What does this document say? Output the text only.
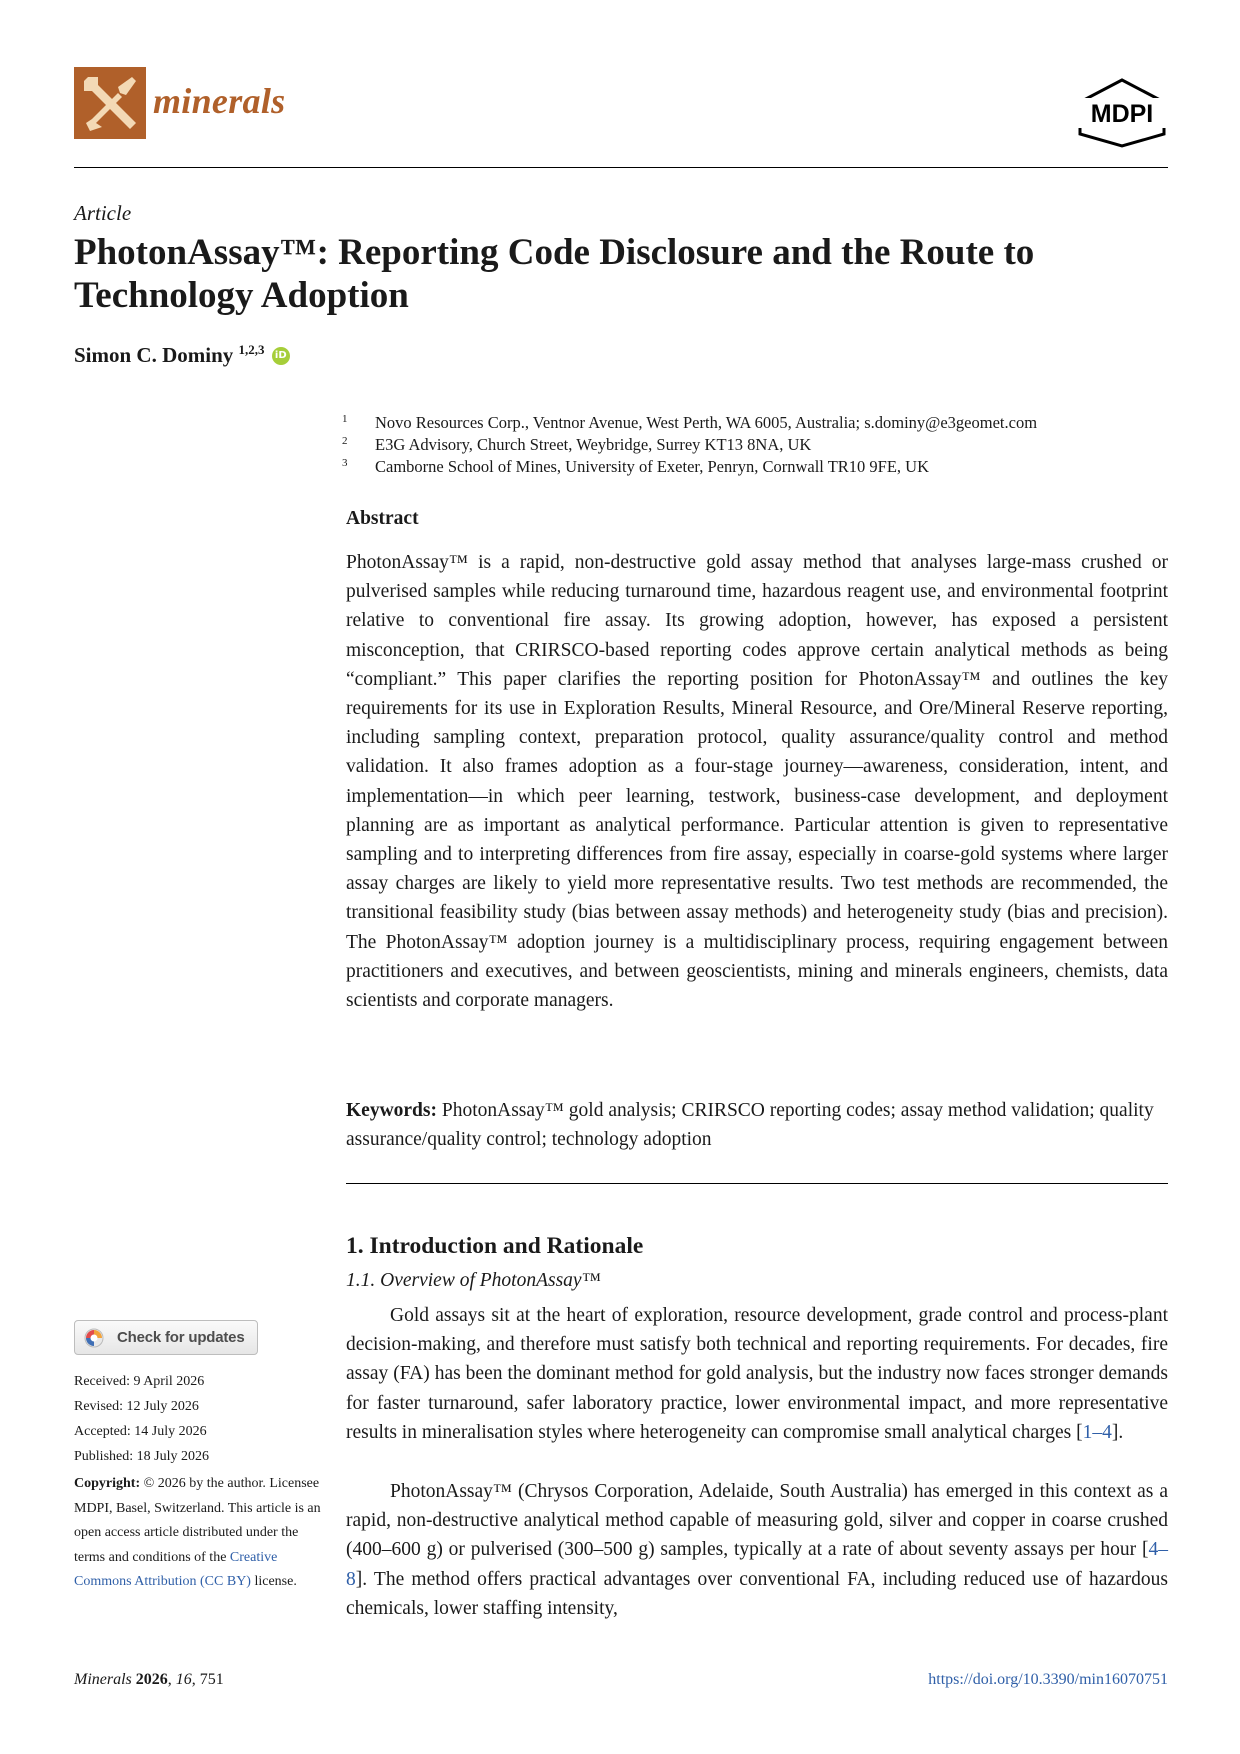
minerals	MDPI
Article
PhotonAssay™: Reporting Code Disclosure and the Route to Technology Adoption
Simon C. Dominy $^{1,2,3}$ iD
1	Novo Resources Corp., Ventnor Avenue, West Perth, WA 6005, Australia; s.dominy@e3geomet.com
2	E3G Advisory, Church Street, Weybridge, Surrey KT13 8NA, UK
3	Camborne School of Mines, University of Exeter, Penryn, Cornwall TR10 9FE, UK
Abstract

PhotonAssay™ is a rapid, non-destructive gold assay method that analyses large-mass crushed or pulverised samples while reducing turnaround time, hazardous reagent use, and environmental footprint relative to conventional fire assay. Its growing adoption, however, has exposed a persistent misconception, that CRIRSCO-based reporting codes approve certain analytical methods as being “compliant.” This paper clarifies the reporting position for PhotonAssay™ and outlines the key requirements for its use in Exploration Results, Mineral Resource, and Ore/Mineral Reserve reporting, including sampling context, preparation protocol, quality assurance/quality control and method validation. It also frames adoption as a four-stage journey—awareness, consideration, intent, and implementation—in which peer learning, testwork, business-case development, and deployment planning are as important as analytical performance. Particular attention is given to representative sampling and to interpreting differences from fire assay, especially in coarse-gold systems where larger assay charges are likely to yield more representative results. Two test methods are recommended, the transitional feasibility study (bias between assay methods) and heterogeneity study (bias and precision). The PhotonAssay™ adoption journey is a multidisciplinary process, requiring engagement between practitioners and executives, and between geoscientists, mining and minerals engineers, chemists, data scientists and corporate managers.

Keywords: PhotonAssay™ gold analysis; CRIRSCO reporting codes; assay method validation; quality assurance/quality control; technology adoption

1. Introduction and Rationale
1.1. Overview of PhotonAssay™

Gold assays sit at the heart of exploration, resource development, grade control and process-plant decision-making, and therefore must satisfy both technical and reporting requirements. For decades, fire assay (FA) has been the dominant method for gold analysis, but the industry now faces stronger demands for faster turnaround, safer laboratory practice, lower environmental impact, and more representative results in mineralisation styles where heterogeneity can compromise small analytical charges [1–4].

PhotonAssay™ (Chrysos Corporation, Adelaide, South Australia) has emerged in this context as a rapid, non-destructive analytical method capable of measuring gold, silver and copper in coarse crushed (400–600 g) or pulverised (300–500 g) samples, typically at a rate of about seventy assays per hour [4–8]. The method offers practical advantages over conventional FA, including reduced use of hazardous chemicals, lower staffing intensity,

Check for updates
Received: 9 April 2026
Revised: 12 July 2026
Accepted: 14 July 2026
Published: 18 July 2026
Copyright: © 2026 by the author. Licensee MDPI, Basel, Switzerland. This article is an open access article distributed under the terms and conditions of the Creative Commons Attribution (CC BY) license.
Minerals 2026, 16, 751	https://doi.org/10.3390/min16070751
